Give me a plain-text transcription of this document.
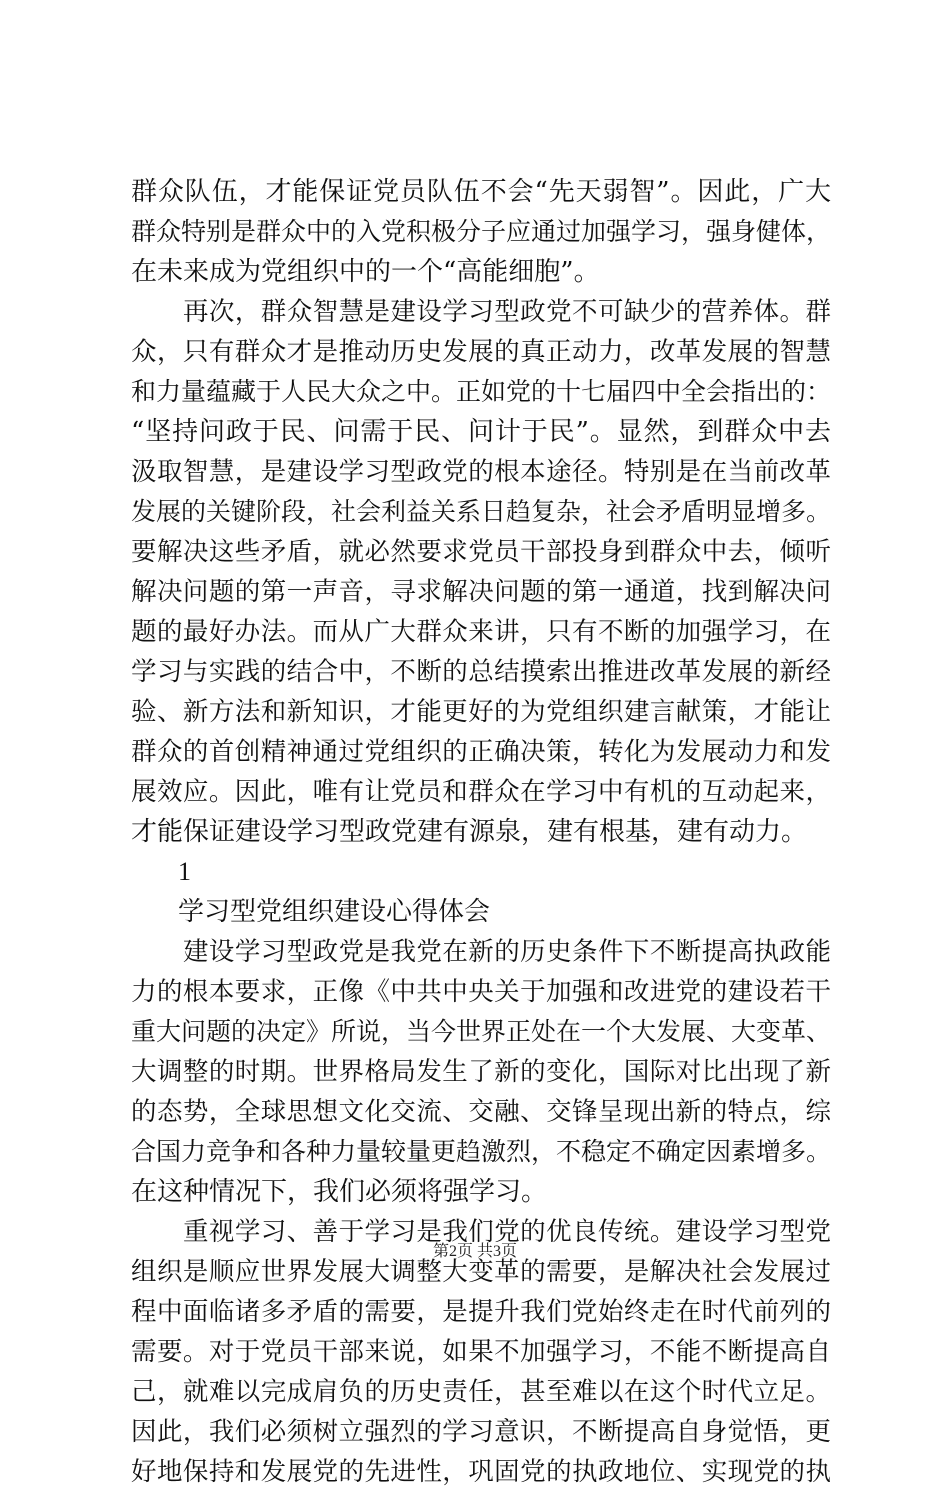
群众队伍，才能保证党员队伍不会“先天弱智”。因此，广大
群众特别是群众中的入党积极分子应通过加强学习，强身健体，
在未来成为党组织中的一个“高能细胞”。
再次，群众智慧是建设学习型政党不可缺少的营养体。群
众，只有群众才是推动历史发展的真正动力，改革发展的智慧
和力量蕴藏于人民大众之中。正如党的十七届四中全会指出的：
“坚持问政于民、问需于民、问计于民”。显然，到群众中去
汲取智慧，是建设学习型政党的根本途径。特别是在当前改革
发展的关键阶段，社会利益关系日趋复杂，社会矛盾明显增多。
要解决这些矛盾，就必然要求党员干部投身到群众中去，倾听
解决问题的第一声音，寻求解决问题的第一通道，找到解决问
题的最好办法。而从广大群众来讲，只有不断的加强学习，在
学习与实践的结合中，不断的总结摸索出推进改革发展的新经
验、新方法和新知识，才能更好的为党组织建言献策，才能让
群众的首创精神通过党组织的正确决策，转化为发展动力和发
展效应。因此，唯有让党员和群众在学习中有机的互动起来，
才能保证建设学习型政党建有源泉，建有根基，建有动力。
1
学习型党组织建设心得体会
建设学习型政党是我党在新的历史条件下不断提高执政能
力的根本要求，正像《中共中央关于加强和改进党的建设若干
重大问题的决定》所说，当今世界正处在一个大发展、大变革、
大调整的时期。世界格局发生了新的变化，国际对比出现了新
的态势，全球思想文化交流、交融、交锋呈现出新的特点，综
合国力竞争和各种力量较量更趋激烈，不稳定不确定因素增多。
在这种情况下，我们必须将强学习。
重视学习、善于学习是我们党的优良传统。建设学习型党
组织是顺应世界发展大调整大变革的需要，是解决社会发展过
程中面临诸多矛盾的需要，是提升我们党始终走在时代前列的
需要。对于党员干部来说，如果不加强学习，不能不断提高自
己，就难以完成肩负的历史责任，甚至难以在这个时代立足。
因此，我们必须树立强烈的学习意识，不断提高自身觉悟，更
好地保持和发展党的先进性，巩固党的执政地位、实现党的执
第2页 共3页
